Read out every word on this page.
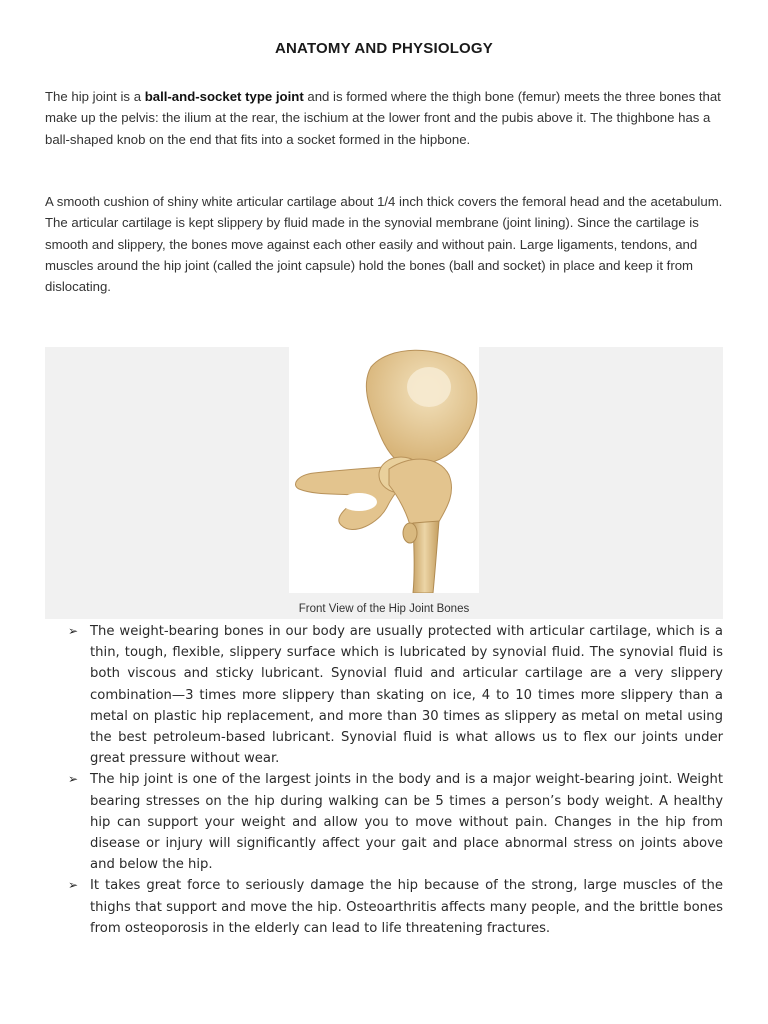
ANATOMY AND PHYSIOLOGY

The hip joint is a ball-and-socket type joint and is formed where the thigh bone (femur) meets the three bones that make up the pelvis: the ilium at the rear, the ischium at the lower front and the pubis above it. The thighbone has a ball-shaped knob on the end that fits into a socket formed in the hipbone.

A smooth cushion of shiny white articular cartilage about 1/4 inch thick covers the femoral head and the acetabulum. The articular cartilage is kept slippery by fluid made in the synovial membrane (joint lining). Since the cartilage is smooth and slippery, the bones move against each other easily and without pain. Large ligaments, tendons, and muscles around the hip joint (called the joint capsule) hold the bones (ball and socket) in place and keep it from dislocating.

Front View of the Hip Joint Bones
➢ The weight-bearing bones in our body are usually protected with articular cartilage, which is a thin, tough, flexible, slippery surface which is lubricated by synovial fluid. The synovial fluid is both viscous and sticky lubricant. Synovial fluid and articular cartilage are a very slippery combination—3 times more slippery than skating on ice, 4 to 10 times more slippery than a metal on plastic hip replacement, and more than 30 times as slippery as metal on metal using the best petroleum-based lubricant. Synovial fluid is what allows us to flex our joints under great pressure without wear.
➢ The hip joint is one of the largest joints in the body and is a major weight-bearing joint. Weight bearing stresses on the hip during walking can be 5 times a person’s body weight. A healthy hip can support your weight and allow you to move without pain. Changes in the hip from disease or injury will significantly affect your gait and place abnormal stress on joints above and below the hip.
➢ It takes great force to seriously damage the hip because of the strong, large muscles of the thighs that support and move the hip. Osteoarthritis affects many people, and the brittle bones from osteoporosis in the elderly can lead to life threatening fractures.
